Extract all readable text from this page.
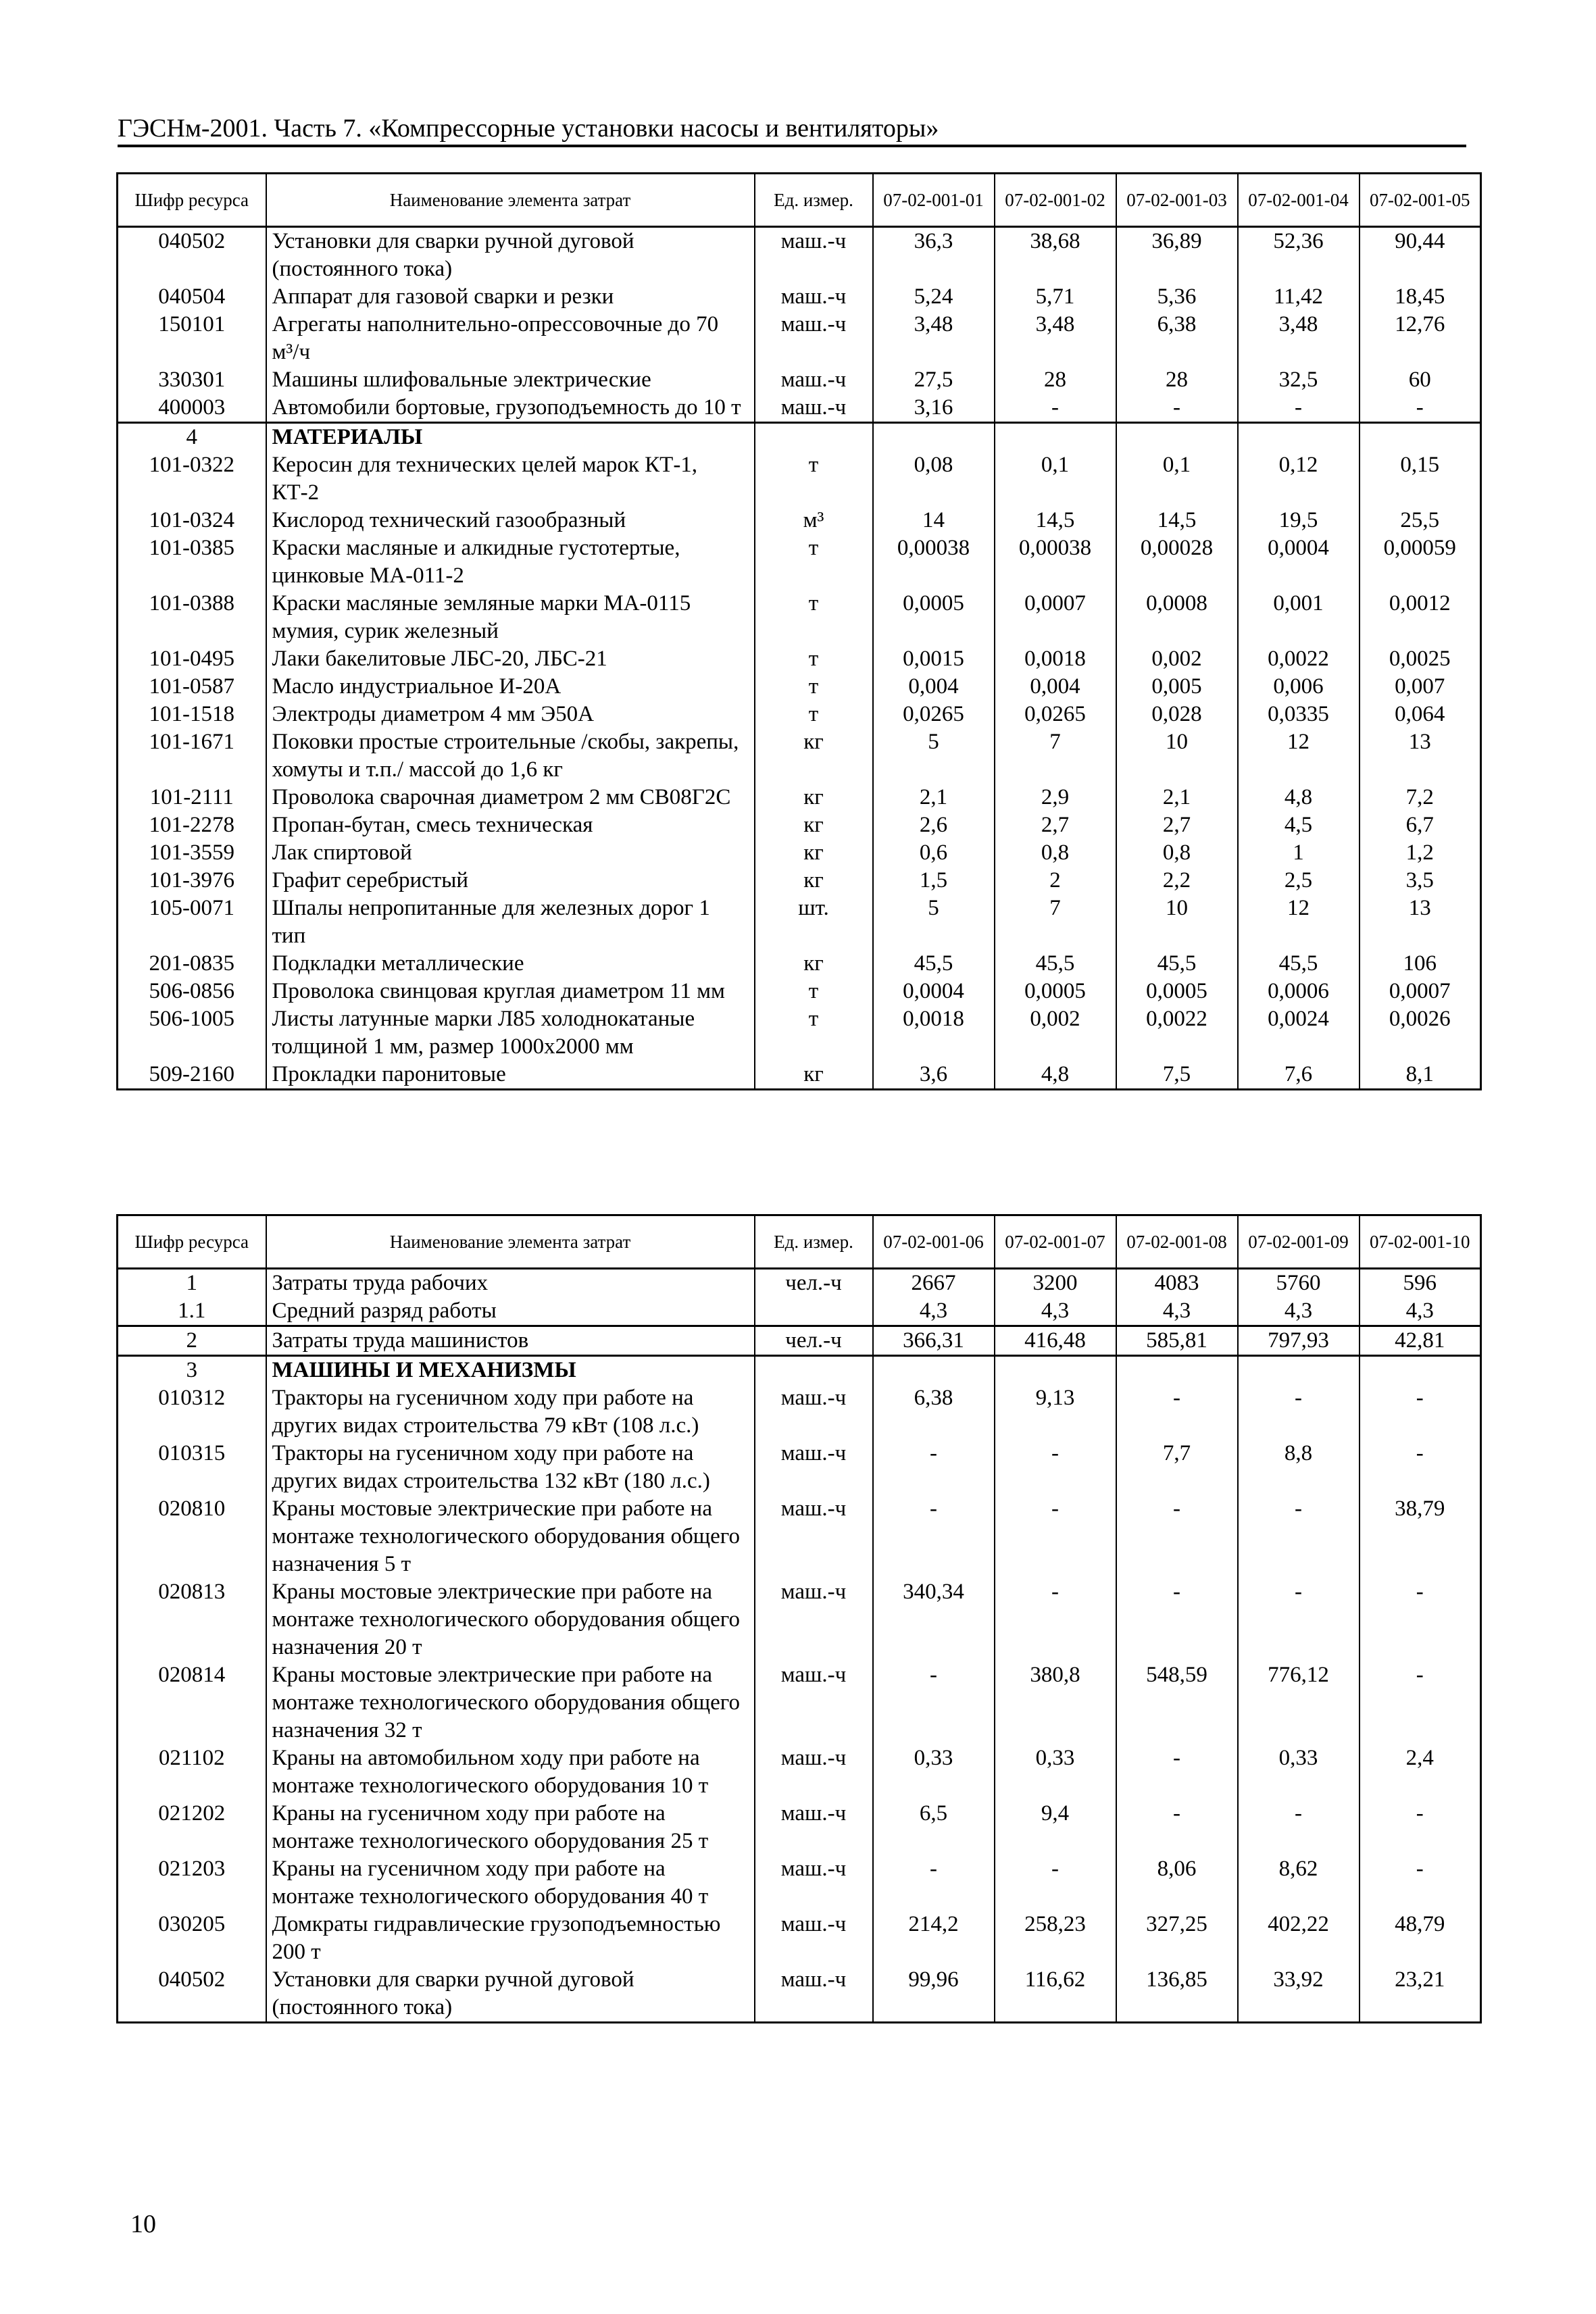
ГЭСНм-2001. Часть 7. «Компрессорные установки насосы и вентиляторы»
Шифр ресурса	Наименование элемента затрат	Ед. измер.	07-02-001-01	07-02-001-02	07-02-001-03	07-02-001-04	07-02-001-05
040502	Установки для сварки ручной дуговой (постоянного тока)	маш.-ч	36,3	38,68	36,89	52,36	90,44
040504	Аппарат для газовой сварки и резки	маш.-ч	5,24	5,71	5,36	11,42	18,45
150101	Агрегаты наполнительно-опрессовочные до 70 м³/ч	маш.-ч	3,48	3,48	6,38	3,48	12,76
330301	Машины шлифовальные электрические	маш.-ч	27,5	28	28	32,5	60
400003	Автомобили бортовые, грузоподъемность до 10 т	маш.-ч	3,16	-	-	-	-
4	МАТЕРИАЛЫ						
101-0322	Керосин для технических целей марок КТ-1, КТ-2	т	0,08	0,1	0,1	0,12	0,15
101-0324	Кислород технический газообразный	м³	14	14,5	14,5	19,5	25,5
101-0385	Краски масляные и алкидные густотертые, цинковые МА-011-2	т	0,00038	0,00038	0,00028	0,0004	0,00059
101-0388	Краски масляные земляные марки МА-0115 мумия, сурик железный	т	0,0005	0,0007	0,0008	0,001	0,0012
101-0495	Лаки бакелитовые ЛБС-20, ЛБС-21	т	0,0015	0,0018	0,002	0,0022	0,0025
101-0587	Масло индустриальное И-20А	т	0,004	0,004	0,005	0,006	0,007
101-1518	Электроды диаметром 4 мм Э50А	т	0,0265	0,0265	0,028	0,0335	0,064
101-1671	Поковки простые строительные /скобы, закрепы, хомуты и т.п./ массой до 1,6 кг	кг	5	7	10	12	13
101-2111	Проволока сварочная диаметром 2 мм СВ08Г2С	кг	2,1	2,9	2,1	4,8	7,2
101-2278	Пропан-бутан, смесь техническая	кг	2,6	2,7	2,7	4,5	6,7
101-3559	Лак спиртовой	кг	0,6	0,8	0,8	1	1,2
101-3976	Графит серебристый	кг	1,5	2	2,2	2,5	3,5
105-0071	Шпалы непропитанные для железных дорог 1 тип	шт.	5	7	10	12	13
201-0835	Подкладки металлические	кг	45,5	45,5	45,5	45,5	106
506-0856	Проволока свинцовая круглая диаметром 11 мм	т	0,0004	0,0005	0,0005	0,0006	0,0007
506-1005	Листы латунные марки Л85 холоднокатаные толщиной 1 мм, размер 1000х2000 мм	т	0,0018	0,002	0,0022	0,0024	0,0026
509-2160	Прокладки паронитовые	кг	3,6	4,8	7,5	7,6	8,1
Шифр ресурса	Наименование элемента затрат	Ед. измер.	07-02-001-06	07-02-001-07	07-02-001-08	07-02-001-09	07-02-001-10
1	Затраты труда рабочих	чел.-ч	2667	3200	4083	5760	596
1.1	Средний разряд работы		4,3	4,3	4,3	4,3	4,3
2	Затраты труда машинистов	чел.-ч	366,31	416,48	585,81	797,93	42,81
3	МАШИНЫ И МЕХАНИЗМЫ						
010312	Тракторы на гусеничном ходу при работе на других видах строительства 79 кВт (108 л.с.)	маш.-ч	6,38	9,13	-	-	-
010315	Тракторы на гусеничном ходу при работе на других видах строительства 132 кВт (180 л.с.)	маш.-ч	-	-	7,7	8,8	-
020810	Краны мостовые электрические при работе на монтаже технологического оборудования общего назначения 5 т	маш.-ч	-	-	-	-	38,79
020813	Краны мостовые электрические при работе на монтаже технологического оборудования общего назначения 20 т	маш.-ч	340,34	-	-	-	-
020814	Краны мостовые электрические при работе на монтаже технологического оборудования общего назначения 32 т	маш.-ч	-	380,8	548,59	776,12	-
021102	Краны на автомобильном ходу при работе на монтаже технологического оборудования 10 т	маш.-ч	0,33	0,33	-	0,33	2,4
021202	Краны на гусеничном ходу при работе на монтаже технологического оборудования 25 т	маш.-ч	6,5	9,4	-	-	-
021203	Краны на гусеничном ходу при работе на монтаже технологического оборудования 40 т	маш.-ч	-	-	8,06	8,62	-
030205	Домкраты гидравлические грузоподъемностью 200 т	маш.-ч	214,2	258,23	327,25	402,22	48,79
040502	Установки для сварки ручной дуговой (постоянного тока)	маш.-ч	99,96	116,62	136,85	33,92	23,21
10
